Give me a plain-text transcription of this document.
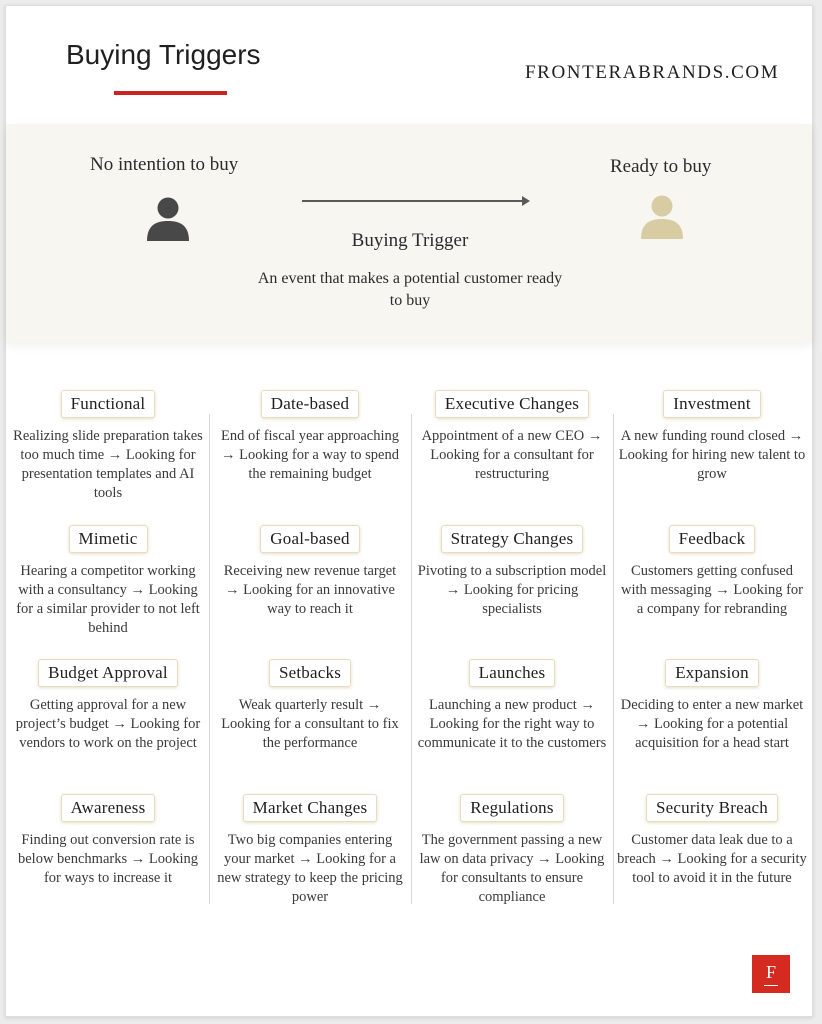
Buying Triggers
FRONTERABRANDS.COM
No intention to buy	Ready to buy
Buying Trigger
An event that makes a potential customer ready to buy
Functional
Realizing slide preparation takes too much time → Looking for presentation templates and AI tools
Mimetic
Hearing a competitor working with a consultancy → Looking for a similar provider to not left behind
Budget Approval
Getting approval for a new project’s budget → Looking for vendors to work on the project
Awareness
Finding out conversion rate is below benchmarks → Looking for ways to increase it
Date-based
End of fiscal year approaching → Looking for a way to spend the remaining budget
Goal-based
Receiving new revenue target → Looking for an innovative way to reach it
Setbacks
Weak quarterly result → Looking for a consultant to fix the performance
Market Changes
Two big companies entering your market → Looking for a new strategy to keep the pricing power
Executive Changes
Appointment of a new CEO → Looking for a consultant for restructuring
Strategy Changes
Pivoting to a subscription model → Looking for pricing specialists
Launches
Launching a new product → Looking for the right way to communicate it to the customers
Regulations
The government passing a new law on data privacy → Looking for consultants to ensure compliance
Investment
A new funding round closed → Looking for hiring new talent to grow
Feedback
Customers getting confused with messaging → Looking for a company for rebranding
Expansion
Deciding to enter a new market → Looking for a potential acquisition for a head start
Security Breach
Customer data leak due to a breach → Looking for a security tool to avoid it in the future
F
